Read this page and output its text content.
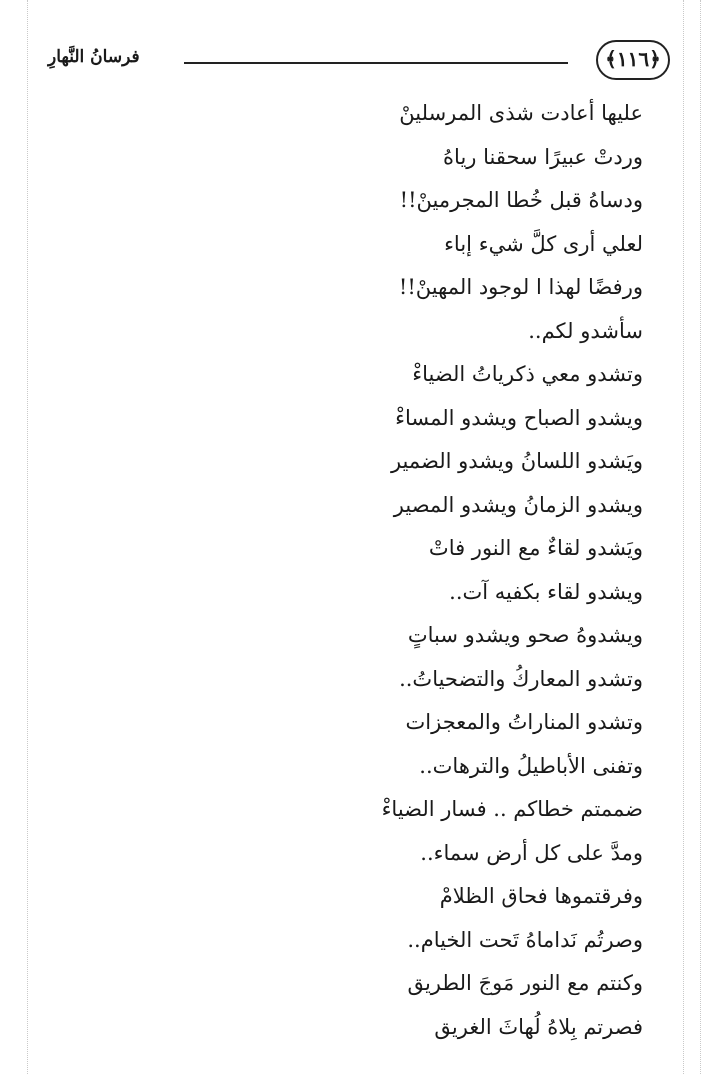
﴿١١٦﴾
فرسانُ النَّهارِ
عليها أعادت شذى المرسلينْ
وردتْ عبيرًا سحقنا رياهُ
ودساهُ قبل خُطا المجرمينْ!!
لعلي أرى كلَّ شيء إباء
ورفضًا لهذا ا لوجود المهينْ!!
سأشدو لكم..
وتشدو معي ذكرياتُ الضياءْ
ويشدو الصباح ويشدو المساءْ
ويَشدو اللسانُ ويشدو الضمير
ويشدو الزمانُ ويشدو المصير
ويَشدو لقاءٌ مع النور فاتْ
ويشدو لقاء بكفيه آت..
ويشدوهُ صحو ويشدو سباتٍ
وتشدو المعاركُ والتضحياتُ..
وتشدو المناراتُ والمعجزات
وتفنى الأباطيلُ والترهات..
ضممتم خطاكم .. فسار الضياءْ
ومدَّ على كل أرض سماء..
وفرقتموها فحاق الظلامْ
وصرتُم نَداماهُ تَحت الخيام..
وكنتم مع النور مَوجَ الطريق
فصرتم بِلاهُ لُهاثَ الغريق
